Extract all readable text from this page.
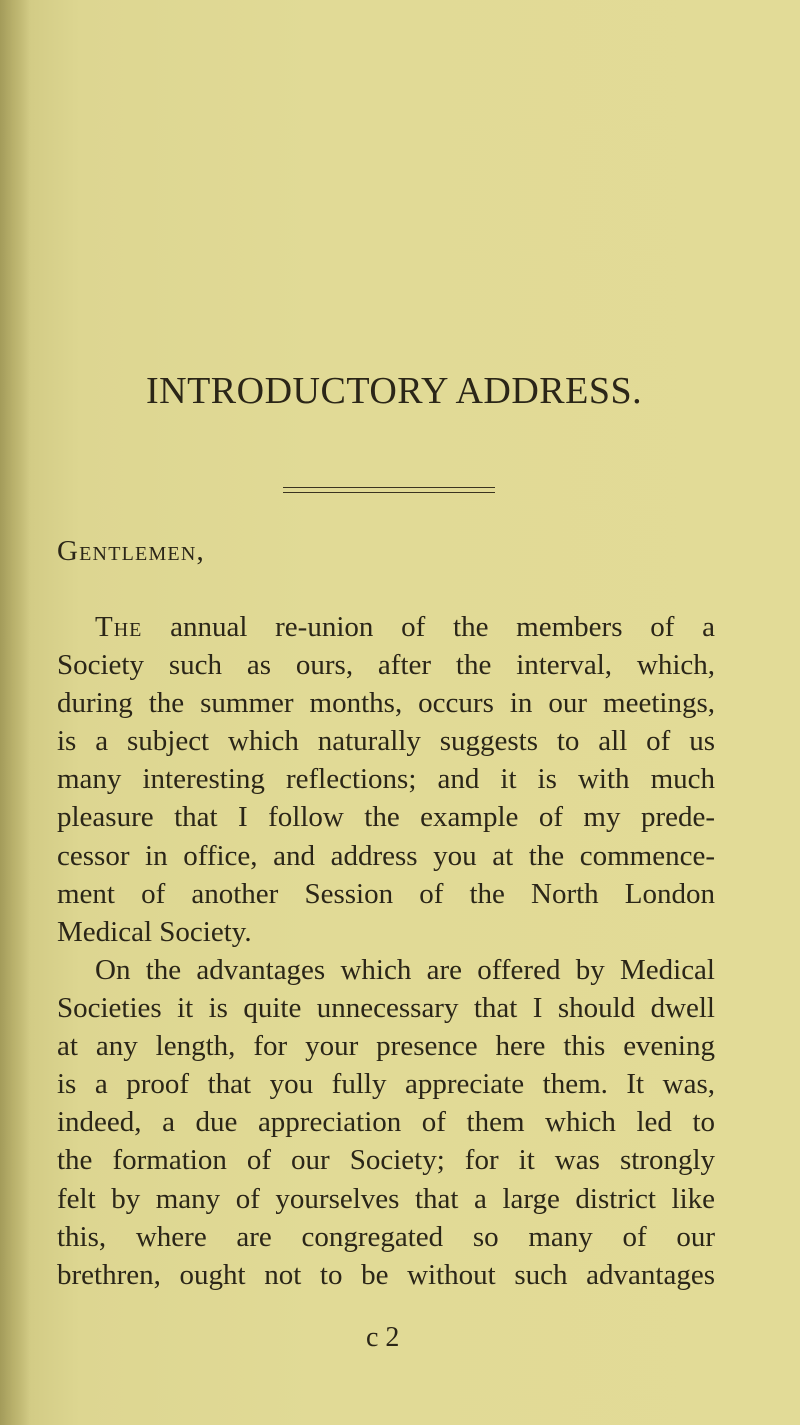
INTRODUCTORY ADDRESS.
Gentlemen,
The annual re-union of the members of a
Society such as ours, after the interval, which,
during the summer months, occurs in our meetings,
is a subject which naturally suggests to all of us
many interesting reflections; and it is with much
pleasure that I follow the example of my prede-
cessor in office, and address you at the commence-
ment of another Session of the North London
Medical Society.
On the advantages which are offered by Medical
Societies it is quite unnecessary that I should dwell
at any length, for your presence here this evening
is a proof that you fully appreciate them. It was,
indeed, a due appreciation of them which led to
the formation of our Society; for it was strongly
felt by many of yourselves that a large district like
this, where are congregated so many of our
brethren, ought not to be without such advantages
c 2
